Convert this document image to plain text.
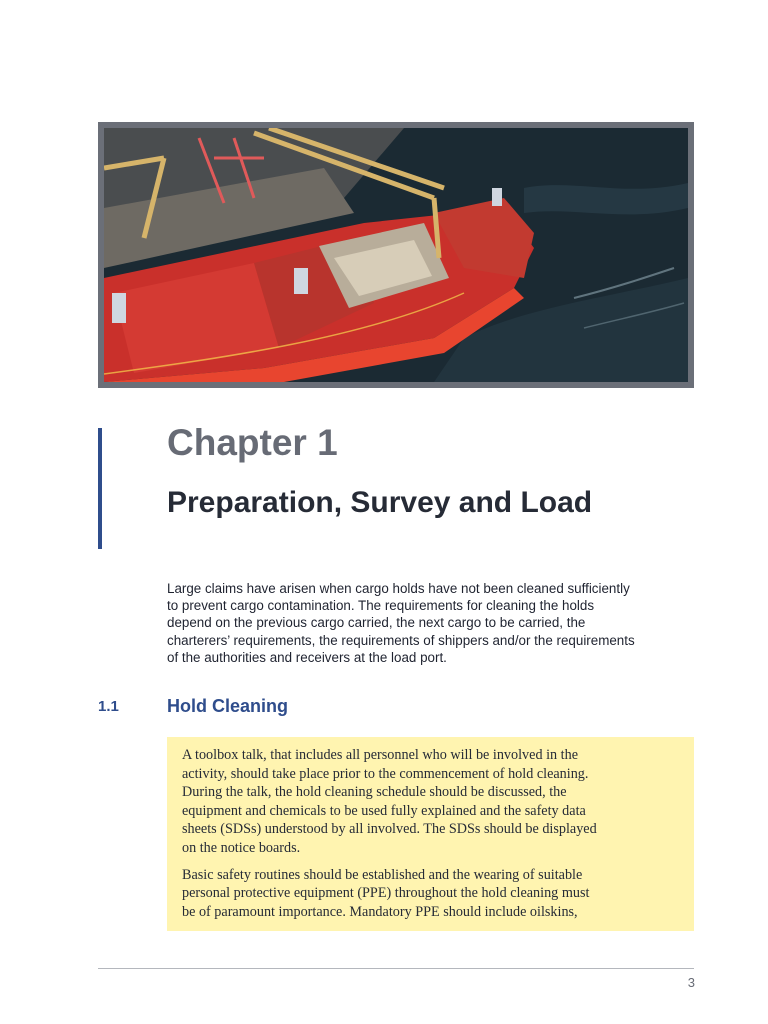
Chapter 1
Preparation, Survey and Load

Large claims have arisen when cargo holds have not been cleaned sufficiently
to prevent cargo contamination. The requirements for cleaning the holds
depend on the previous cargo carried, the next cargo to be carried, the
charterers’ requirements, the requirements of shippers and/or the requirements
of the authorities and receivers at the load port.

1.1	Hold Cleaning

A toolbox talk, that includes all personnel who will be involved in the
activity, should take place prior to the commencement of hold cleaning.
During the talk, the hold cleaning schedule should be discussed, the
equipment and chemicals to be used fully explained and the safety data
sheets (SDSs) understood by all involved. The SDSs should be displayed
on the notice boards.

Basic safety routines should be established and the wearing of suitable
personal protective equipment (PPE) throughout the hold cleaning must
be of paramount importance. Mandatory PPE should include oilskins,

3
